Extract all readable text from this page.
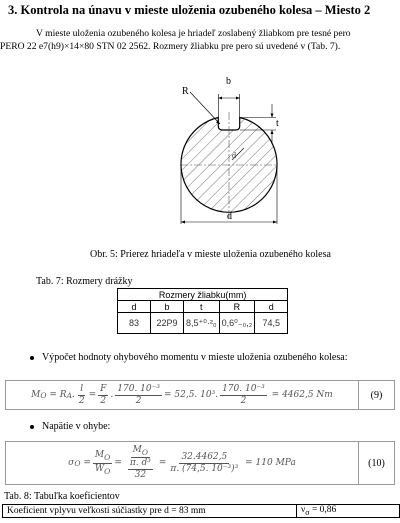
3. Kontrola na únavu v mieste uloženia ozubeného kolesa – Miesto 2
V mieste uloženia ozubeného kolesa je hriadeľ zoslabený žliabkom pre tesné pero
PERO 22 e7(h9)×14×80 STN 02 2562. Rozmery žliabku pre pero sú uvedené v (Tab. 7).
b
t
R
d
d
Obr. 5: Prierez hriadeľa v mieste uloženia ozubeného kolesa
Tab. 7: Rozmery drážky
Rozmery žliabku(mm)				
d	b	t	R	d
83	22P9	8,5⁺⁰·²₀	0,6⁰₋₀,₂	74,5
Výpočet hodnoty ohybového momentu v mieste uloženia ozubeného kolesa:
M O = R A . $\frac{l}{2} = \frac{F}{2}$ . $\frac{\text{170. 10⁻³}}{2} = 52,5$. 10³. $\frac{\text{170. 10⁻³}}{2}$
= 4462,5 Nm	(9)
Napätie v ohybe:
σ $O = \frac{M_O}{W_O} = \frac{M_O}{\frac{\text{π. d³}}{32}} = \frac{32.4462,5}{\text{π. (74,5. 10⁻³)³}}$
= 110 MPa	(10)
Tab. 8: Tabuľka koeficientov
Koeficient vplyvu veľkosti súčiastky pre d = 83 mm	$\nu_\sigma = 0,86$
